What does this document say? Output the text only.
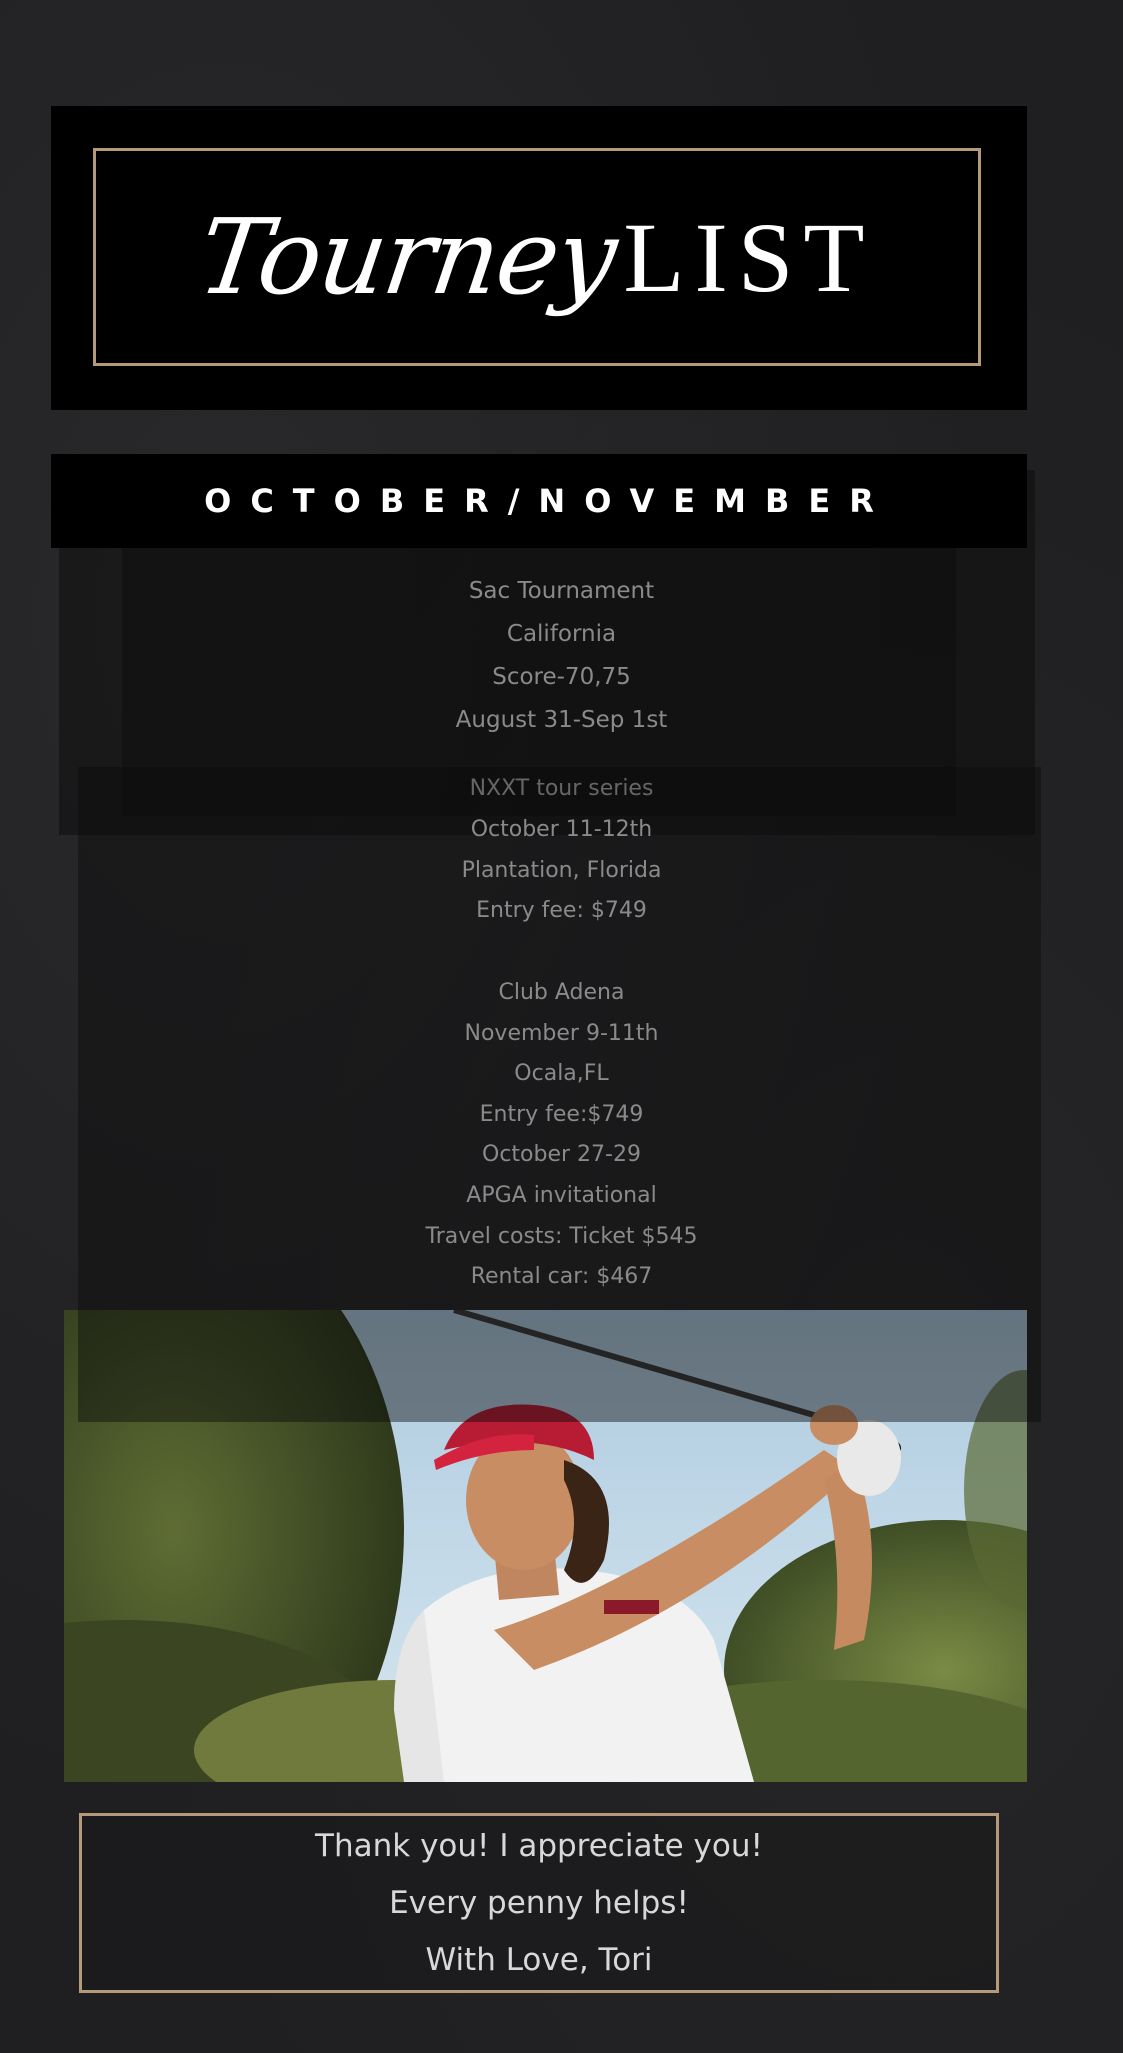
Tourney LIST
OCTOBER/NOVEMBER
Sac Tournament
California
Score-70,75
August 31-Sep 1st
NXXT tour series
October 11-12th
Plantation, Florida
Entry fee: $749
Club Adena
November 9-11th
Ocala,FL
Entry fee:$749
October 27-29
APGA invitational
Travel costs: Ticket $545
Rental car: $467
Thank you! I appreciate you!
Every penny helps!
With Love, Tori
